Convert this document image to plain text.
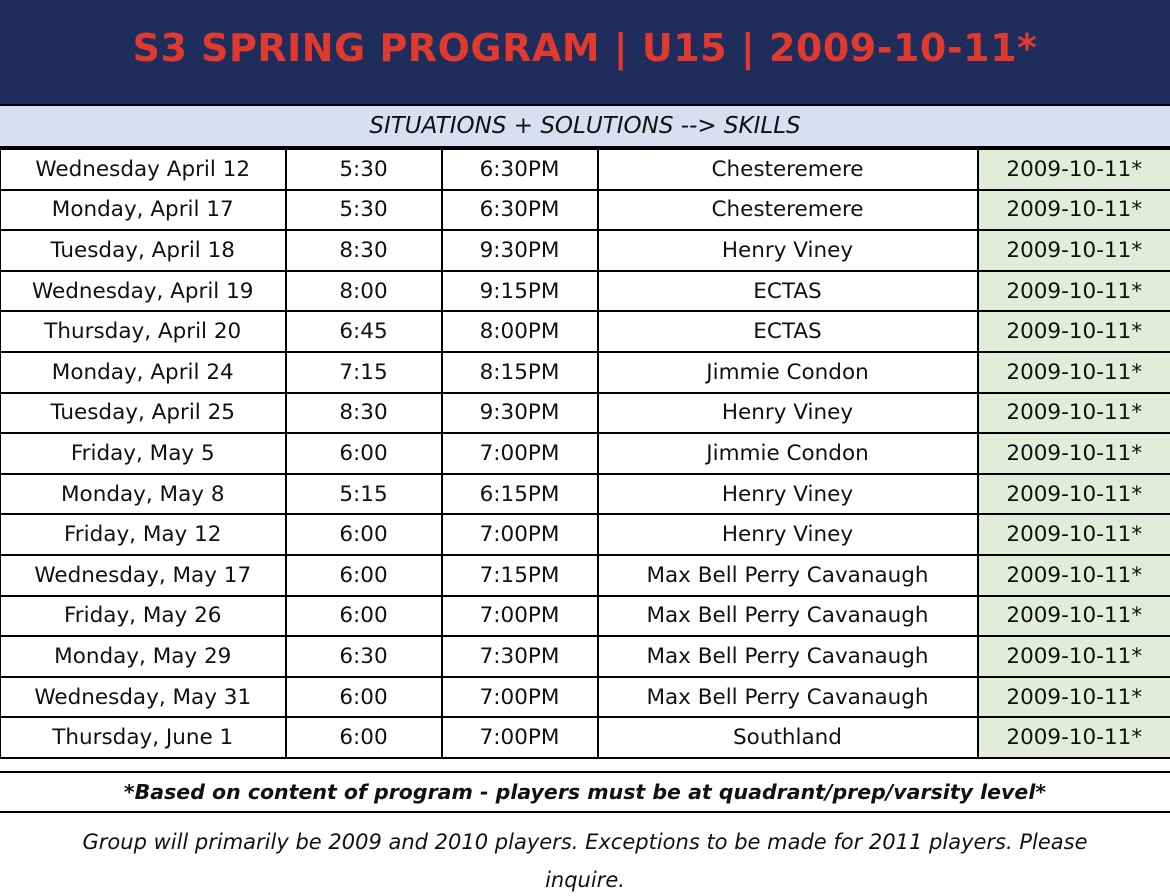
S3 SPRING PROGRAM | U15 | 2009-10-11*
SITUATIONS + SOLUTIONS --> SKILLS
Wednesday April 12	5:30	6:30PM	Chesteremere	2009-10-11*
Monday, April 17	5:30	6:30PM	Chesteremere	2009-10-11*
Tuesday, April 18	8:30	9:30PM	Henry Viney	2009-10-11*
Wednesday, April 19	8:00	9:15PM	ECTAS	2009-10-11*
Thursday, April 20	6:45	8:00PM	ECTAS	2009-10-11*
Monday, April 24	7:15	8:15PM	Jimmie Condon	2009-10-11*
Tuesday, April 25	8:30	9:30PM	Henry Viney	2009-10-11*
Friday, May 5	6:00	7:00PM	Jimmie Condon	2009-10-11*
Monday, May 8	5:15	6:15PM	Henry Viney	2009-10-11*
Friday, May 12	6:00	7:00PM	Henry Viney	2009-10-11*
Wednesday, May 17	6:00	7:15PM	Max Bell Perry Cavanaugh	2009-10-11*
Friday, May 26	6:00	7:00PM	Max Bell Perry Cavanaugh	2009-10-11*
Monday, May 29	6:30	7:30PM	Max Bell Perry Cavanaugh	2009-10-11*
Wednesday, May 31	6:00	7:00PM	Max Bell Perry Cavanaugh	2009-10-11*
Thursday, June 1	6:00	7:00PM	Southland	2009-10-11*
*Based on content of program - players must be at quadrant/prep/varsity level*
Group will primarily be 2009 and 2010 players. Exceptions to be made for 2011 players. Please inquire.
